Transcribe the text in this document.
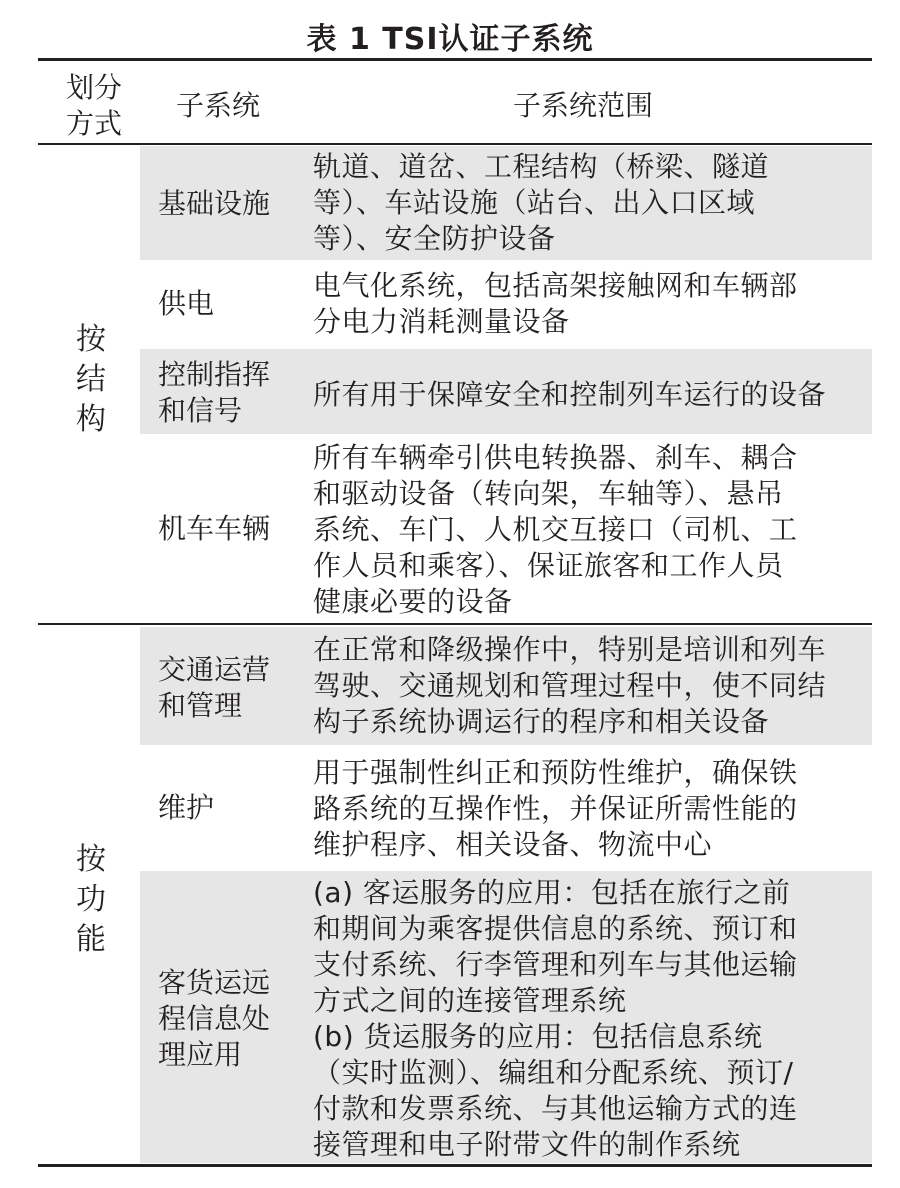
表 1 TSI认证子系统
划分
方式
子系统	子系统范围
按
结
构
基础设施
轨道、道岔、工程结构（桥梁、隧道
等）、车站设施（站台、出入口区域
等）、安全防护设备
供电
电气化系统，包括高架接触网和车辆部
分电力消耗测量设备
控制指挥
和信号	所有用于保障安全和控制列车运行的设备
机车车辆
所有车辆牵引供电转换器、刹车、耦合
和驱动设备（转向架，车轴等）、悬吊
系统、车门、人机交互接口（司机、工
作人员和乘客）、保证旅客和工作人员
健康必要的设备
按
功
能
交通运营
和管理
在正常和降级操作中，特别是培训和列车
驾驶、交通规划和管理过程中，使不同结
构子系统协调运行的程序和相关设备
维护
用于强制性纠正和预防性维护，确保铁
路系统的互操作性，并保证所需性能的
维护程序、相关设备、物流中心
客货运远
程信息处
理应用
(a) 客运服务的应用：包括在旅行之前
和期间为乘客提供信息的系统、预订和
支付系统、行李管理和列车与其他运输
方式之间的连接管理系统
(b) 货运服务的应用：包括信息系统
（实时监测）、编组和分配系统、预订/
付款和发票系统、与其他运输方式的连
接管理和电子附带文件的制作系统
